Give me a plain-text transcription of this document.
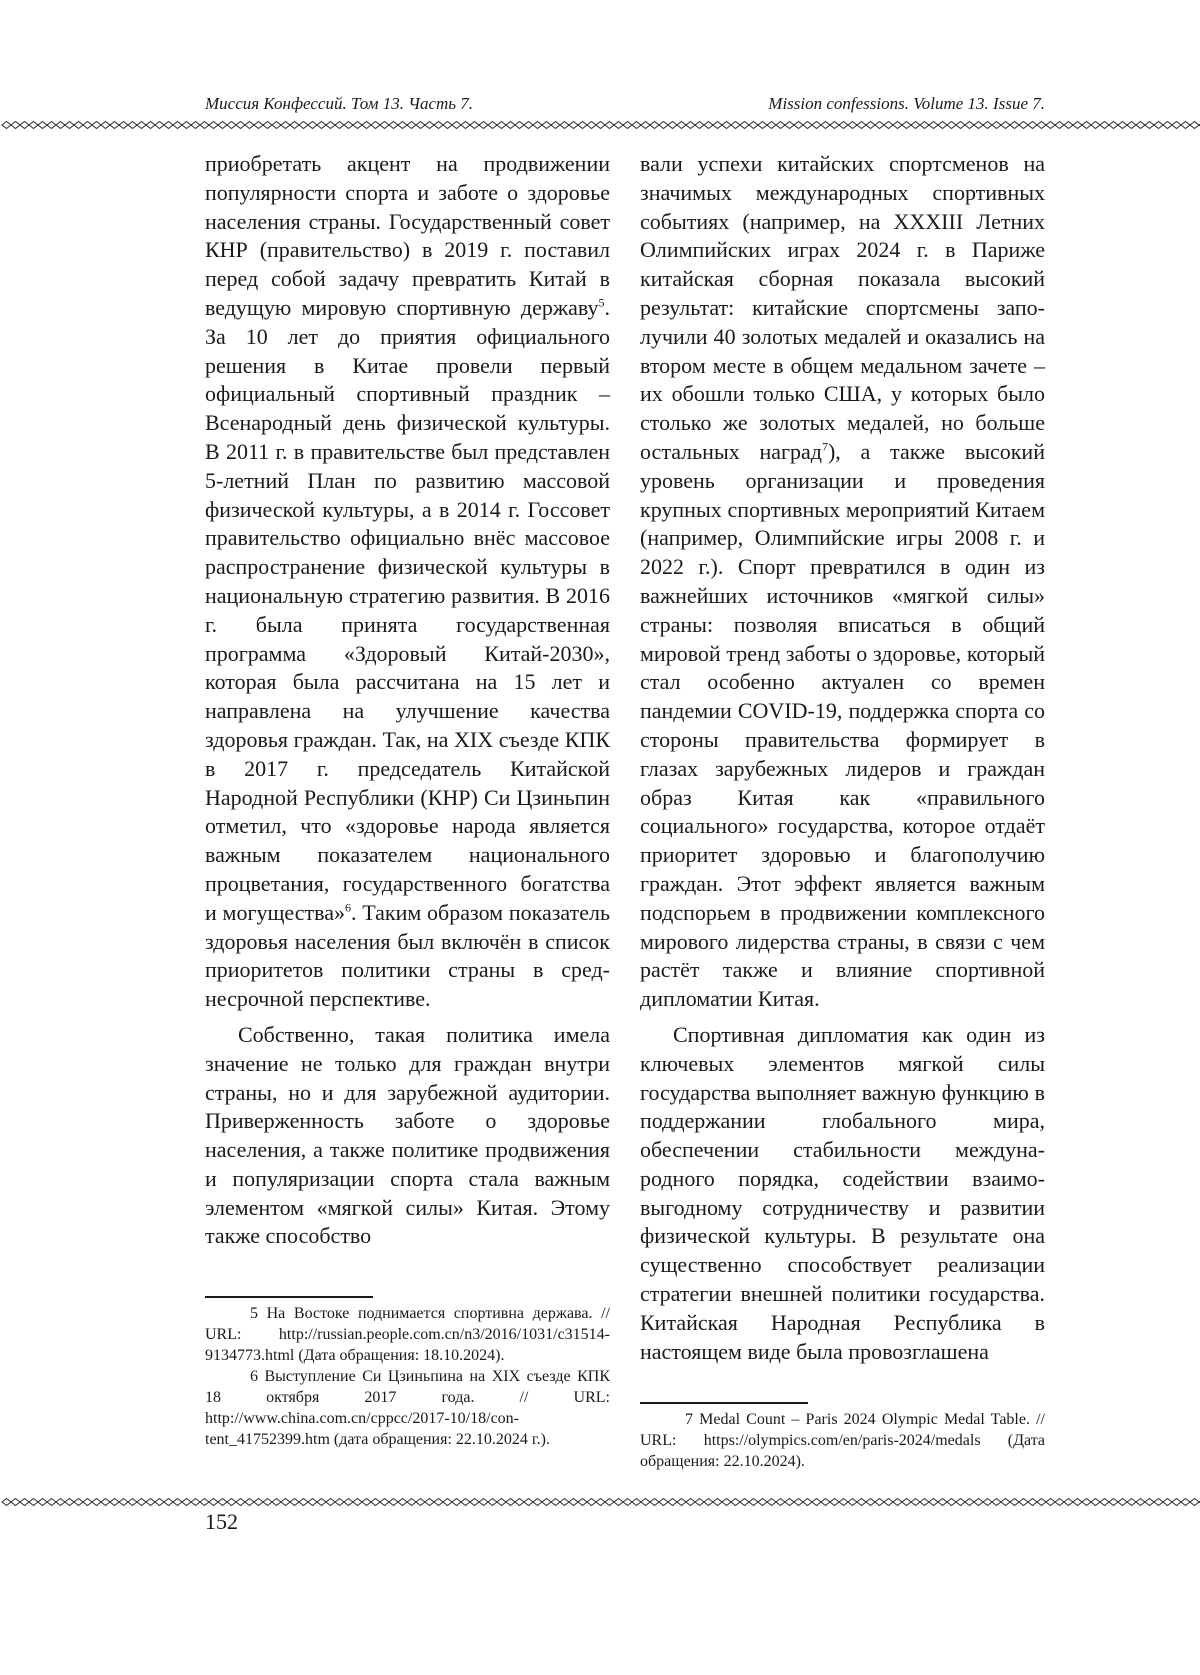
Миссия Конфессий. Том 13. Часть 7.	Mission confessions. Volume 13. Issue 7.

приобретать акцент на продвижении популярности спорта и заботе о здоровье населения страны. Государственный совет КНР (правительство) в 2019 г. поставил перед собой задачу превратить Китай в ведущую мировую спортивную державу$^5$. За 10 лет до приятия официального решения в Китае провели первый официальный спортивный праздник – Всенародный день физической культуры. В 2011 г. в правительстве был представлен 5-летний План по развитию массовой физической культуры, а в 2014 г. Госсовет правительство официально внёс массовое распространение физической культуры в национальную стратегию развития. В 2016 г. была принята государственная программа «Здоровый Китай-2030», которая была рассчитана на 15 лет и направлена на улучшение качества здоровья граждан. Так, на XIX съезде КПК в 2017 г. председатель Китайской Народной Республики (КНР) Си Цзиньпин отметил, что «здоровье народа является важным показателем национального процветания, государственного богатства и могущества»$^6$. Таким образом показатель здоровья населения был включён в список приоритетов политики страны в среднесрочной перспективе.

Собственно, такая политика имела значение не только для граждан внутри страны, но и для зарубежной аудитории. Приверженность заботе о здоровье населения, а также политике продвижения и популяризации спорта стала важным элементом «мягкой силы» Китая. Этому также способство

вали успехи китайских спортсменов на значимых международных спортивных событиях (например, на XXXIII Летних Олимпийских играх 2024 г. в Париже китайская сборная показала высокий результат: китайские спортсмены заполучили 40 золотых медалей и оказались на втором месте в общем медальном зачете – их обошли только США, у которых было столько же золотых медалей, но больше остальных наград$^7$), а также высокий уровень организации и проведения крупных спортивных мероприятий Китаем (например, Олимпийские игры 2008 г. и 2022 г.). Спорт превратился в один из важнейших источников «мягкой силы» страны: позволяя вписаться в общий мировой тренд заботы о здоровье, который стал особенно актуален со времен пандемии COVID-19, поддержка спорта со стороны правительства формирует в глазах зарубежных лидеров и граждан образ Китая как «правильного социального» государства, которое отдаёт приоритет здоровью и благополучию граждан. Этот эффект является важным подспорьем в продвижении комплексного мирового лидерства страны, в связи с чем растёт также и влияние спортивной дипломатии Китая.

Спортивная дипломатия как один из ключевых элементов мягкой силы государства выполняет важную функцию в поддержании глобального мира, обеспечении стабильности международного порядка, содействии взаимовыгодному сотрудничеству и развитии физической культуры. В результате она существенно способствует реализации стратегии внешней политики государства. Китайская Народная Республика в настоящем виде была провозглашена

5 На Востоке поднимается спортивна держава. // URL: http://russian.people.com.cn/n3/2016/1031/c31514-9134773.html (Дата обращения: 18.10.2024).

6 Выступление Си Цзиньпина на XIX съезде КПК 18 октября 2017 года. // URL: http://www.china.com.cn/cppcc/2017-10/18/content_41752399.htm (дата обращения: 22.10.2024 г.).

7 Medal Count – Paris 2024 Olympic Medal Table. // URL: https://olympics.com/en/paris-2024/medals (Дата обращения: 22.10.2024).

152
